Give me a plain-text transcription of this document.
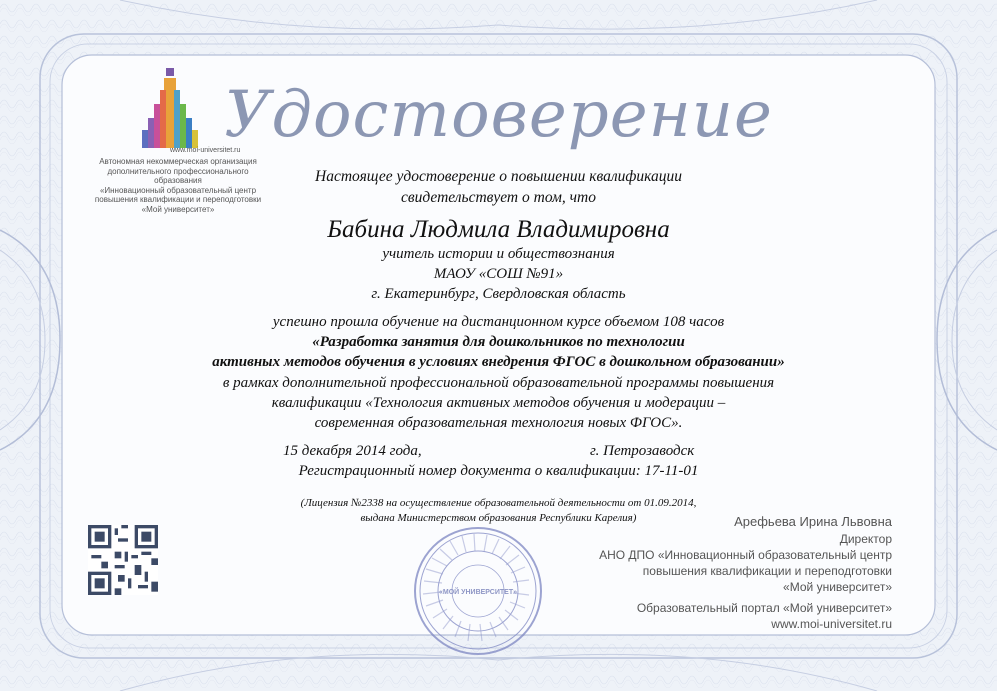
www.moi-universitet.ru
Автономная некоммерческая организация
дополнительного профессионального образования
«Инновационный образовательный центр
повышения квалификации и переподготовки
«Мой университет»
Удостоверение
Настоящее удостоверение о повышении квалификации
свидетельствует о том, что
Бабина Людмила Владимировна
учитель истории и обществознания
МАОУ «СОШ №91»
г. Екатеринбург, Свердловская область
успешно прошла обучение на дистанционном курсе объемом 108 часов
«Разработка занятия для дошкольников по технологии
активных методов обучения в условиях внедрения ФГОС в дошкольном образовании»
в рамках дополнительной профессиональной образовательной программы повышения
квалификации «Технология активных методов обучения и модерации –
современная образовательная технология новых ФГОС».
15 декабря 2014 года,	г. Петрозаводск
Регистрационный номер документа о квалификации: 17-11-01
(Лицензия №2338 на осуществление образовательной деятельности от 01.09.2014,
выдана Министерством образования Республики Карелия)
«МОЙ УНИВЕРСИТЕТ»
Арефьева Ирина Львовна
Директор
АНО ДПО «Инновационный образовательный центр
повышения квалификации и переподготовки
«Мой университет»
Образовательный портал «Мой университет»
www.moi-universitet.ru
